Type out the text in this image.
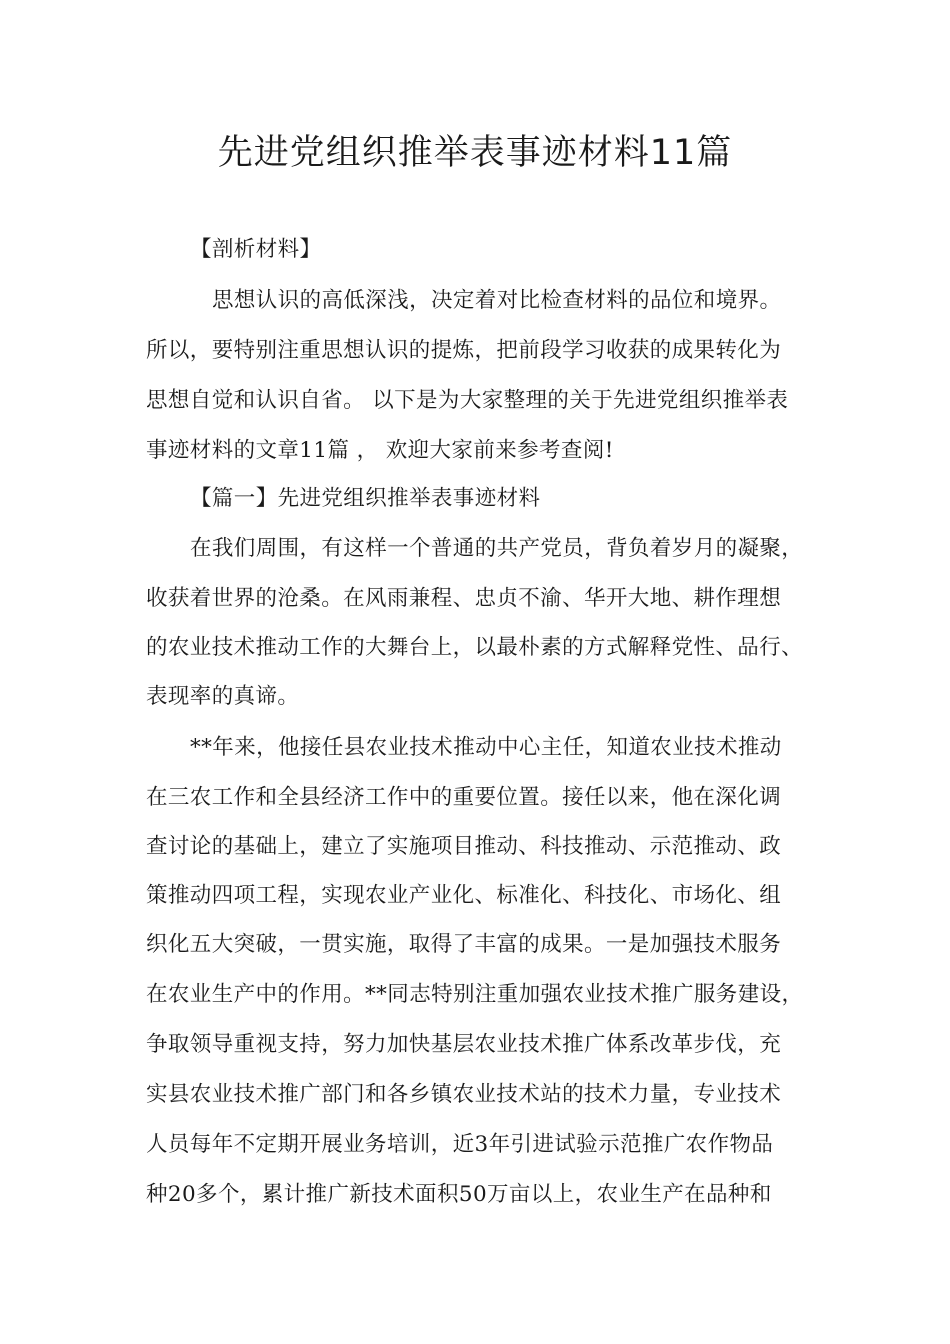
先进党组织推举表事迹材料11篇
【剖析材料】
思想认识的高低深浅，决定着对比检查材料的品位和境界。
所以，要特别注重思想认识的提炼，把前段学习收获的成果转化为
思想自觉和认识自省。 以下是为大家整理的关于先进党组织推举表
事迹材料的文章11篇 ， 欢迎大家前来参考查阅!
【篇一】先进党组织推举表事迹材料
在我们周围，有这样一个普通的共产党员，背负着岁月的凝聚，
收获着世界的沧桑。在风雨兼程、忠贞不渝、华开大地、耕作理想
的农业技术推动工作的大舞台上，以最朴素的方式解释党性、品行、
表现率的真谛。
**年来，他接任县农业技术推动中心主任，知道农业技术推动
在三农工作和全县经济工作中的重要位置。接任以来，他在深化调
查讨论的基础上，建立了实施项目推动、科技推动、示范推动、政
策推动四项工程，实现农业产业化、标准化、科技化、市场化、组
织化五大突破，一贯实施，取得了丰富的成果。一是加强技术服务
在农业生产中的作用。**同志特别注重加强农业技术推广服务建设，
争取领导重视支持，努力加快基层农业技术推广体系改革步伐，充
实县农业技术推广部门和各乡镇农业技术站的技术力量，专业技术
人员每年不定期开展业务培训，近3年引进试验示范推广农作物品
种20多个，累计推广新技术面积50万亩以上，农业生产在品种和
